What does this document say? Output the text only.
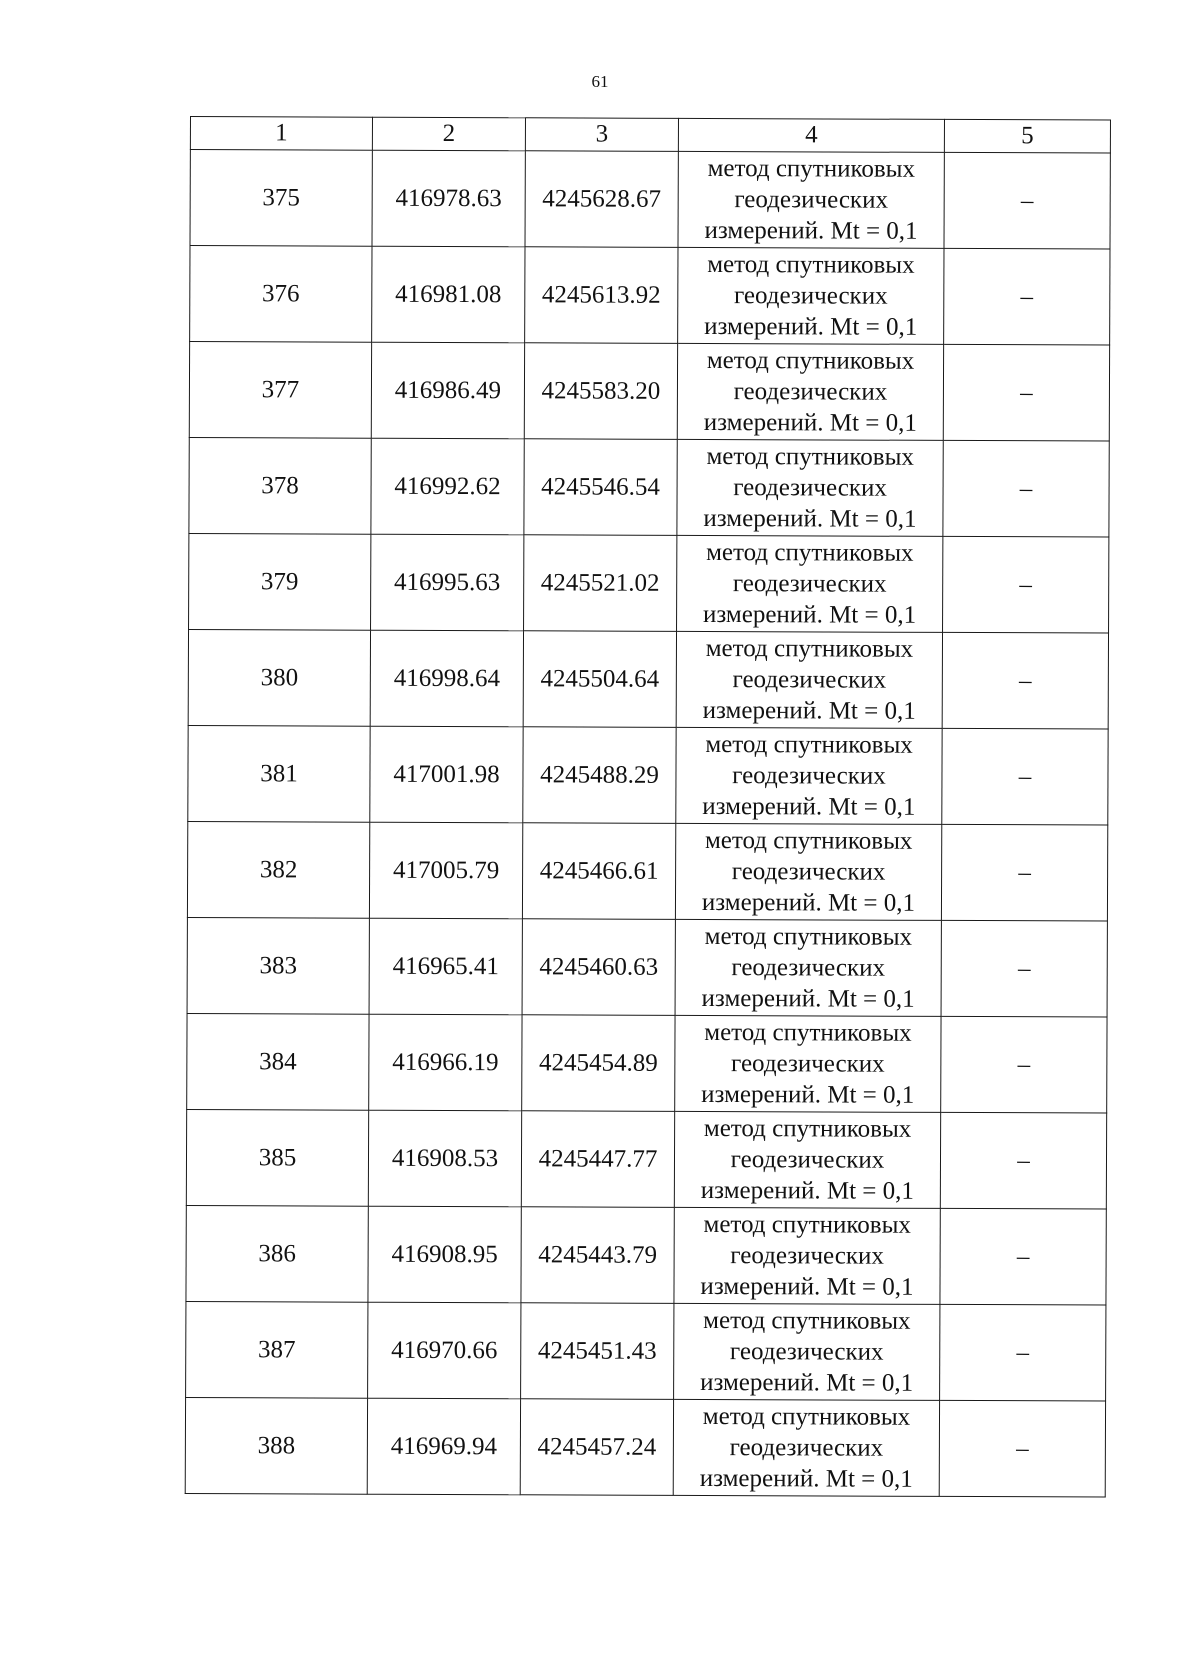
61
1	2	3	4	5
375	416978.63	4245628.67	метод спутниковых
геодезических
измерений. Mt = 0,1	–
376	416981.08	4245613.92	метод спутниковых
геодезических
измерений. Mt = 0,1	–
377	416986.49	4245583.20	метод спутниковых
геодезических
измерений. Mt = 0,1	–
378	416992.62	4245546.54	метод спутниковых
геодезических
измерений. Mt = 0,1	–
379	416995.63	4245521.02	метод спутниковых
геодезических
измерений. Mt = 0,1	–
380	416998.64	4245504.64	метод спутниковых
геодезических
измерений. Mt = 0,1	–
381	417001.98	4245488.29	метод спутниковых
геодезических
измерений. Mt = 0,1	–
382	417005.79	4245466.61	метод спутниковых
геодезических
измерений. Mt = 0,1	–
383	416965.41	4245460.63	метод спутниковых
геодезических
измерений. Mt = 0,1	–
384	416966.19	4245454.89	метод спутниковых
геодезических
измерений. Mt = 0,1	–
385	416908.53	4245447.77	метод спутниковых
геодезических
измерений. Mt = 0,1	–
386	416908.95	4245443.79	метод спутниковых
геодезических
измерений. Mt = 0,1	–
387	416970.66	4245451.43	метод спутниковых
геодезических
измерений. Mt = 0,1	–
388	416969.94	4245457.24	метод спутниковых
геодезических
измерений. Mt = 0,1	–
